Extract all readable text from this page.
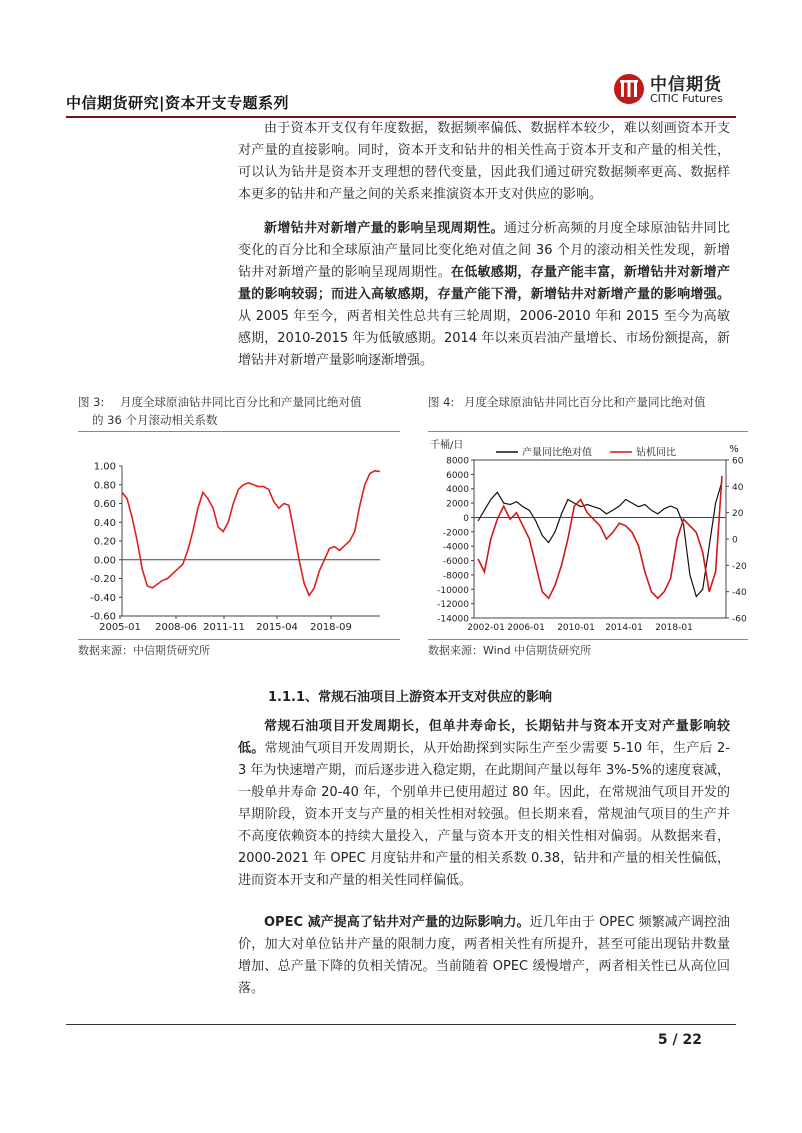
中信期货研究|资本开支专题系列
中信期货
CITIC Futures
由于资本开支仅有年度数据，数据频率偏低、数据样本较少，难以刻画资本开支对产量的直接影响。同时，资本开支和钻井的相关性高于资本开支和产量的相关性，可以认为钻井是资本开支理想的替代变量，因此我们通过研究数据频率更高、数据样本更多的钻井和产量之间的关系来推演资本开支对供应的影响。
新增钻井对新增产量的影响呈现周期性。通过分析高频的月度全球原油钻井同比变化的百分比和全球原油产量同比变化绝对值之间 36 个月的滚动相关性发现，新增钻井对新增产量的影响呈现周期性。在低敏感期，存量产能丰富，新增钻井对新增产量的影响较弱；而进入高敏感期，存量产能下滑，新增钻井对新增产量的影响增强。从 2005 年至今，两者相关性总共有三轮周期，2006-2010 年和 2015 至今为高敏感期，2010-2015 年为低敏感期。2014 年以来页岩油产量增长、市场份额提高，新增钻井对新增产量影响逐渐增强。
图 3: 月度全球原油钻井同比百分比和产量同比绝对值
的 36 个月滚动相关系数
图 4: 月度全球原油钻井同比百分比和产量同比绝对值
1.00
0.80
0.60
0.40
0.20
0.00
-0.20
-0.40
-0.60
2005-01 2008-06 2011-11 2015-04 2018-09
千桶/日	%
8000
6000
4000
2000
0
-2000
-4000
-6000
-8000
-10000
-12000
-14000
60
40
20
0
-20
-40
-60
2002-01 2006-01 2010-01 2014-01 2018-01
产量同比绝对值	钻机同比
数据来源：中信期货研究所	数据来源：Wind 中信期货研究所
1.1.1、常规石油项目上游资本开支对供应的影响
常规石油项目开发周期长，但单井寿命长，长期钻井与资本开支对产量影响较低。常规油气项目开发周期长，从开始勘探到实际生产至少需要 5-10 年，生产后 2-3 年为快速增产期，而后逐步进入稳定期，在此期间产量以每年 3%-5%的速度衰减，一般单井寿命 20-40 年，个别单井已使用超过 80 年。因此，在常规油气项目开发的早期阶段，资本开支与产量的相关性相对较强。但长期来看，常规油气项目的生产并不高度依赖资本的持续大量投入，产量与资本开支的相关性相对偏弱。从数据来看，2000-2021 年 OPEC 月度钻井和产量的相关系数 0.38，钻井和产量的相关性偏低，进而资本开支和产量的相关性同样偏低。
OPEC 减产提高了钻井对产量的边际影响力。近几年由于 OPEC 频繁减产调控油价，加大对单位钻井产量的限制力度，两者相关性有所提升，甚至可能出现钻井数量增加、总产量下降的负相关情况。当前随着 OPEC 缓慢增产，两者相关性已从高位回落。
5 / 22
